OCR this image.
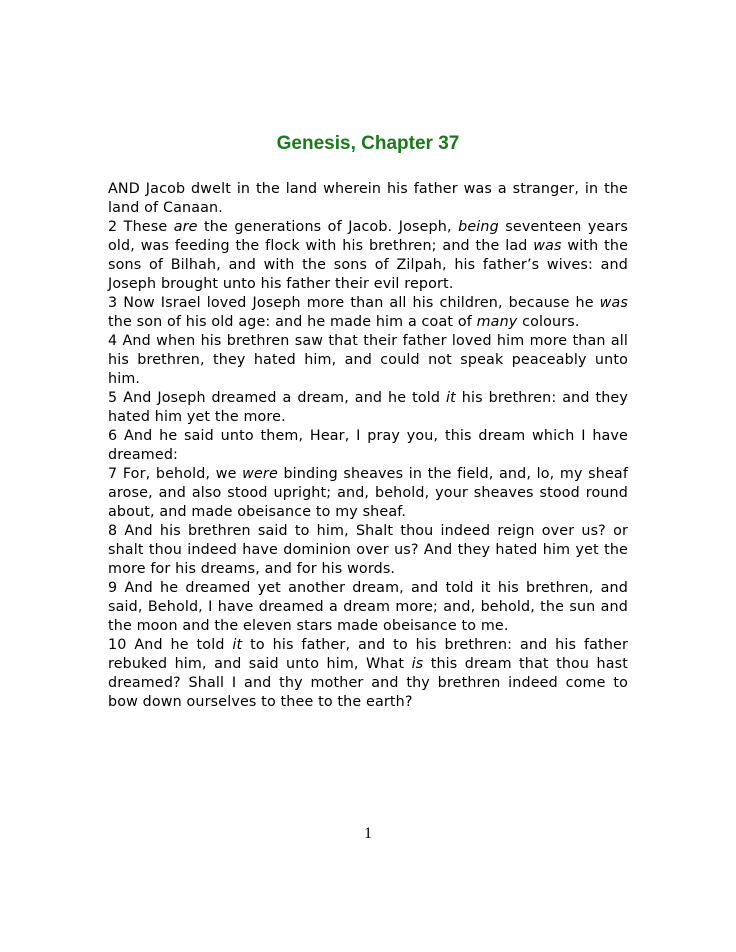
Genesis, Chapter 37

AND Jacob dwelt in the land wherein his father was a stranger, in the land of Canaan.

2 These are the generations of Jacob. Joseph, being seventeen years old, was feeding the flock with his brethren; and the lad was with the sons of Bilhah, and with the sons of Zilpah, his father’s wives: and Joseph brought unto his father their evil report.

3 Now Israel loved Joseph more than all his children, because he was the son of his old age: and he made him a coat of many colours.

4 And when his brethren saw that their father loved him more than all his brethren, they hated him, and could not speak peaceably unto him.

5 And Joseph dreamed a dream, and he told it his brethren: and they hated him yet the more.

6 And he said unto them, Hear, I pray you, this dream which I have dreamed:

7 For, behold, we were binding sheaves in the field, and, lo, my sheaf arose, and also stood upright; and, behold, your sheaves stood round about, and made obeisance to my sheaf.

8 And his brethren said to him, Shalt thou indeed reign over us? or shalt thou indeed have dominion over us? And they hated him yet the more for his dreams, and for his words.

9 And he dreamed yet another dream, and told it his brethren, and said, Behold, I have dreamed a dream more; and, behold, the sun and the moon and the eleven stars made obeisance to me.

10 And he told it to his father, and to his brethren: and his father rebuked him, and said unto him, What is this dream that thou hast dreamed? Shall I and thy mother and thy brethren indeed come to bow down ourselves to thee to the earth?

1
